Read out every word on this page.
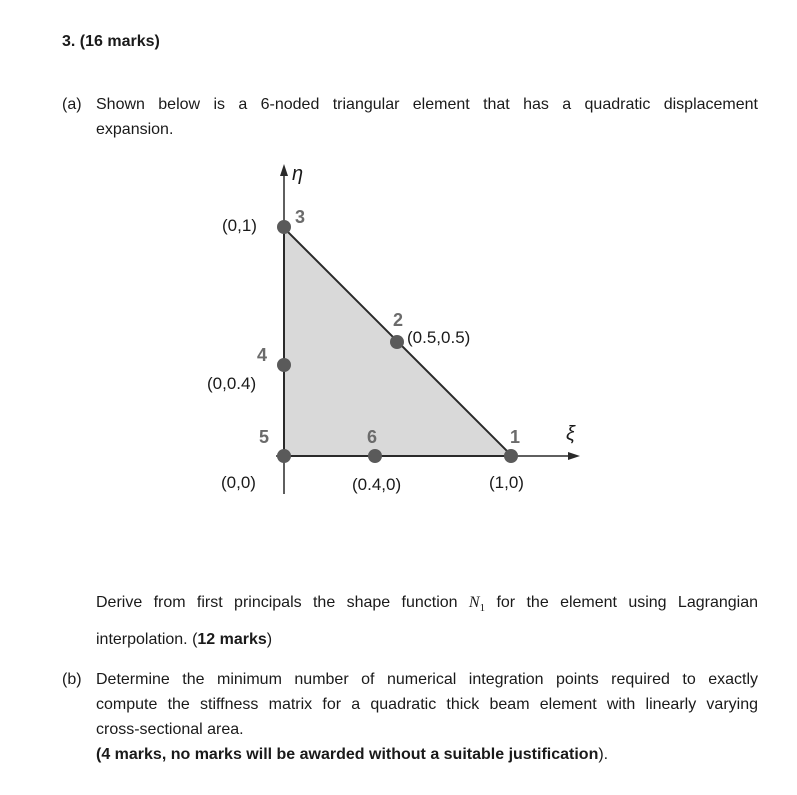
3. (16 marks)
(a) Shown below is a 6-noded triangular element that has a quadratic displacement
expansion.
η
ξ
1
2
3
4
5	6
(1,0)
(0.5,0.5)
(0,1)
(0,0.4)
(0,0)	(0.4,0)
Derive from first principals the shape function $N_1$ for the element using Lagrangian
interpolation. (12 marks)
(b) Determine the minimum number of numerical integration points required to exactly
compute the stiffness matrix for a quadratic thick beam element with linearly varying
cross-sectional area.
(4 marks, no marks will be awarded without a suitable justification).
